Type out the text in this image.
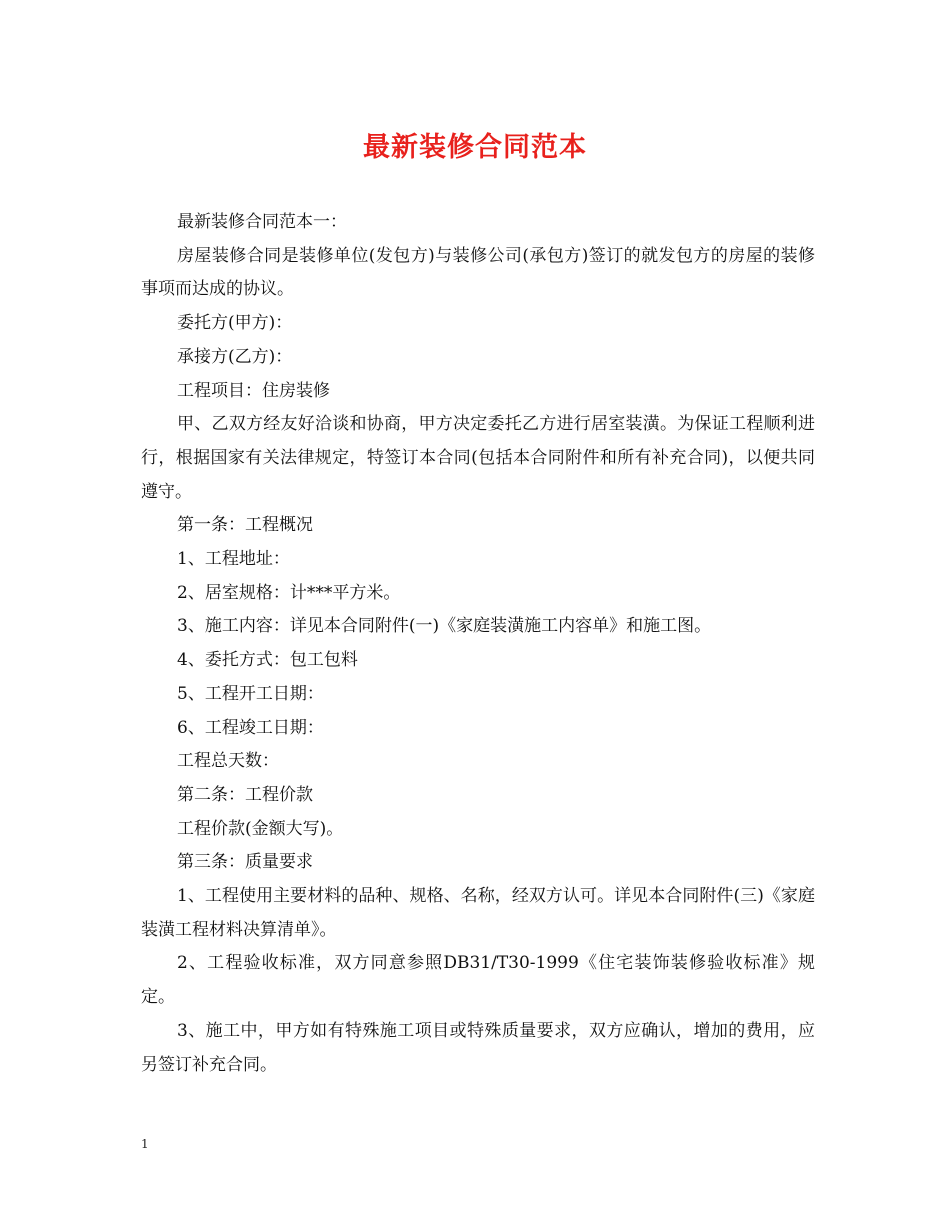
最新装修合同范本

最新装修合同范本一：

房屋装修合同是装修单位(发包方)与装修公司(承包方)签订的就发包方的房屋的装修事项而达成的协议。

委托方(甲方)：

承接方(乙方)：

工程项目：住房装修

甲、乙双方经友好洽谈和协商，甲方决定委托乙方进行居室装潢。为保证工程顺利进行，根据国家有关法律规定，特签订本合同(包括本合同附件和所有补充合同)，以便共同遵守。

第一条：工程概况

1、工程地址：

2、居室规格：计***平方米。

3、施工内容：详见本合同附件(一)《家庭装潢施工内容单》和施工图。

4、委托方式：包工包料

5、工程开工日期：

6、工程竣工日期：

工程总天数：

第二条：工程价款

工程价款(金额大写)。

第三条：质量要求

1、工程使用主要材料的品种、规格、名称，经双方认可。详见本合同附件(三)《家庭装潢工程材料决算清单》。

2、工程验收标准，双方同意参照DB31/T30-1999《住宅装饰装修验收标准》规定。

3、施工中，甲方如有特殊施工项目或特殊质量要求，双方应确认，增加的费用，应另签订补充合同。

1
